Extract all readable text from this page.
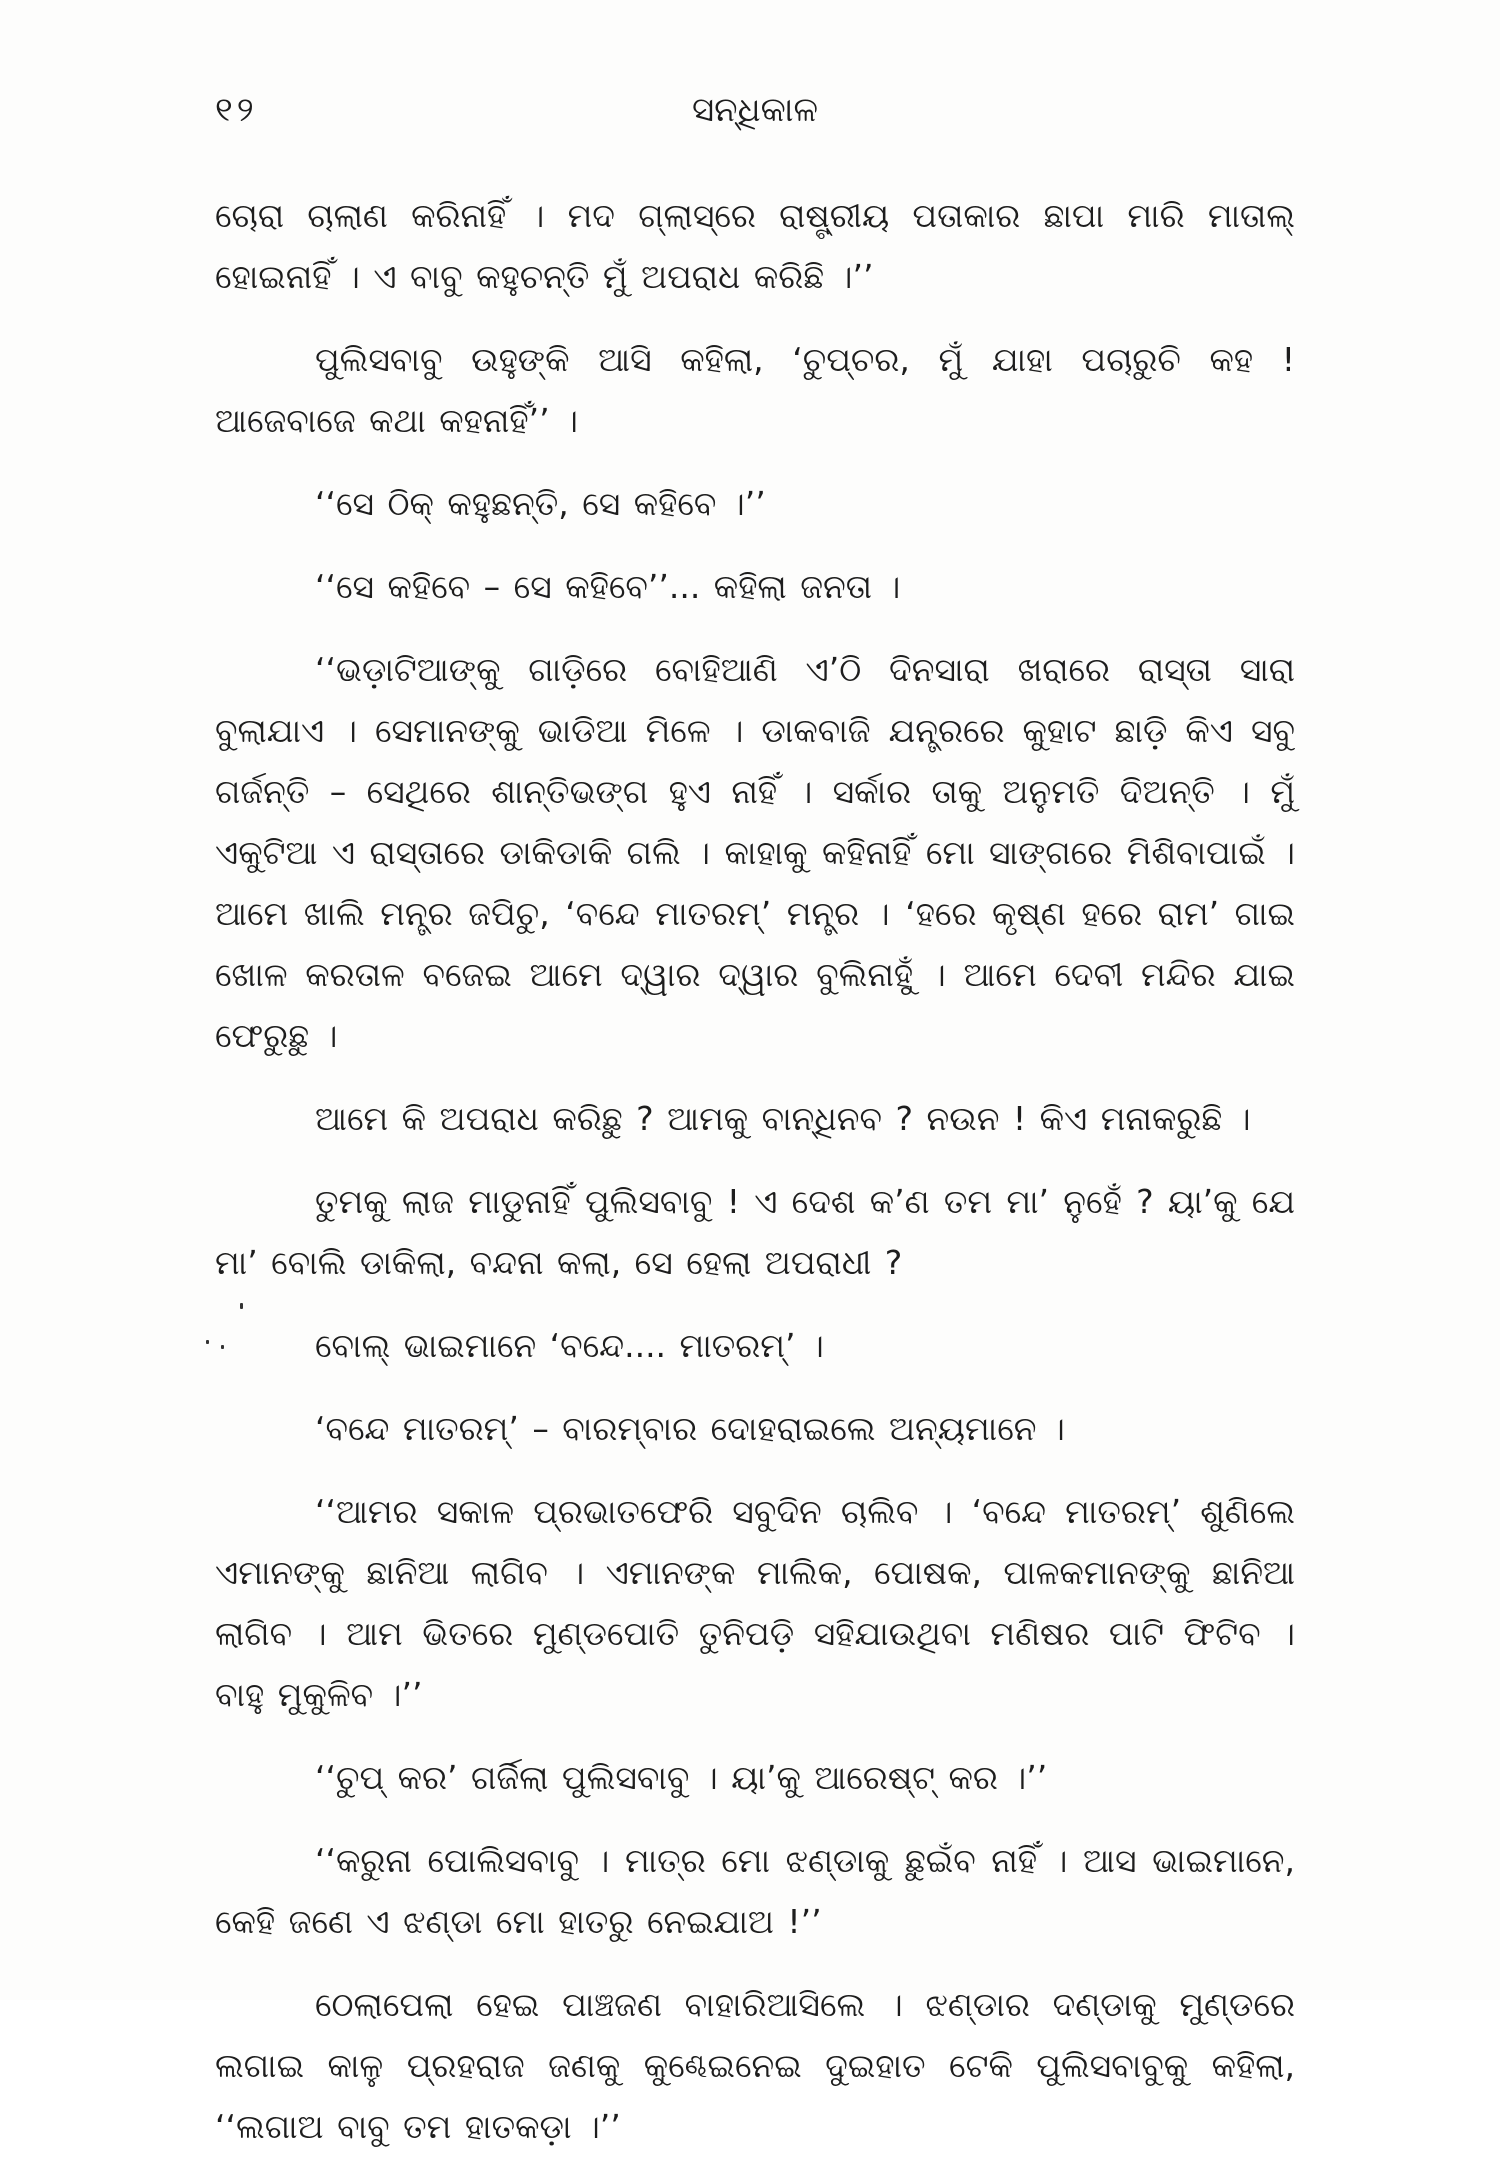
୧୨	ସନ୍ଧିକାଳ

ଚୋରା ଚାଲାଣ କରିନାହିଁ । ମଦ ଗ୍ଲାସ୍‌ରେ ରାଷ୍ଟ୍ରୀୟ ପତାକାର ଛାପା ମାରି ମାତାଲ୍ ହୋଇନାହିଁ । ଏ ବାବୁ କହୁଚନ୍ତି ମୁଁ ଅପରାଧ କରିଛି ।’’

ପୁଲିସବାବୁ ଉହୁଙ୍କି ଆସି କହିଲା, ‘ଚୁପ୍‌ଚର, ମୁଁ ଯାହା ପଚାରୁଚି କହ ! ଆଜେବାଜେ କଥା କହନାହିଁ’’ ।

‘‘ସେ ଠିକ୍ କହୁଛନ୍ତି, ସେ କହିବେ ।’’

‘‘ସେ କହିବେ – ସେ କହିବେ’’... କହିଲା ଜନତା ।

‘‘ଭଡ଼ାଟିଆଙ୍କୁ ଗାଡ଼ିରେ ବୋହିଆଣି ଏ’ଠି ଦିନସାରା ଖରାରେ ରାସ୍ତା ସାରା ବୁଲାଯାଏ । ସେମାନଙ୍କୁ ଭାଡିଆ ମିଳେ । ଡାକବାଜି ଯନ୍ତ୍ରରେ କୁହାଟ ଛାଡ଼ି କିଏ ସବୁ ଗର୍ଜନ୍ତି – ସେଥିରେ ଶାନ୍ତିଭଙ୍ଗ ହୁଏ ନାହିଁ । ସର୍କାର ତାକୁ ଅନୁମତି ଦିଅନ୍ତି । ମୁଁ ଏକୁଟିଆ ଏ ରାସ୍ତାରେ ଡାକିଡାକି ଗଲି । କାହାକୁ କହିନାହିଁ ମୋ ସାଙ୍ଗରେ ମିଶିବାପାଇଁ । ଆମେ ଖାଲି ମନ୍ତ୍ର ଜପିଚୁ, ‘ବନ୍ଦେ ମାତରମ୍’ ମନ୍ତ୍ର । ‘ହରେ କୃଷ୍ଣ ହରେ ରାମ’ ଗାଇ ଖୋଳ କରତାଳ ବଜେଇ ଆମେ ଦ୍ୱାର ଦ୍ୱାର ବୁଲିନାହୁଁ । ଆମେ ଦେବୀ ମନ୍ଦିର ଯାଇ ଫେରୁଛୁ ।

ଆମେ କି ଅପରାଧ କରିଛୁ ? ଆମକୁ ବାନ୍ଧିନବ ? ନଉନ ! କିଏ ମନାକରୁଛି ।

ତୁମକୁ ଲାଜ ମାଡୁନାହିଁ ପୁଲିସବାବୁ ! ଏ ଦେଶ କ’ଣ ତମ ମା’ ନୁହେଁ ? ୟା’କୁ ଯେ ମା’ ବୋଲି ଡାକିଲା, ବନ୍ଦନା କଲା, ସେ ହେଲା ଅପରାଧୀ ?

ବୋଲ୍ ଭାଇମାନେ ‘ବନ୍ଦେ.... ମାତରମ୍’ ।

‘ବନ୍ଦେ ମାତରମ୍’ – ବାରମ୍ବାର ଦୋହରାଇଲେ ଅନ୍ୟମାନେ ।

‘‘ଆମର ସକାଳ ପ୍ରଭାତଫେରି ସବୁଦିନ ଚାଲିବ । ‘ବନ୍ଦେ ମାତରମ୍’ ଶୁଣିଲେ ଏମାନଙ୍କୁ ଛାନିଆ ଲାଗିବ । ଏମାନଙ୍କ ମାଲିକ, ପୋଷକ, ପାଳକମାନଙ୍କୁ ଛାନିଆ ଲାଗିବ । ଆମ ଭିତରେ ମୁଣ୍ଡପୋତି ତୁନିପଡ଼ି ସହିଯାଉଥିବା ମଣିଷର ପାଟି ଫିଟିବ । ବାହୁ ମୁକୁଳିବ ।’’

‘‘ଚୁପ୍ କର’ ଗର୍ଜିଲା ପୁଲିସବାବୁ । ୟା’କୁ ଆରେଷ୍ଟ୍ କର ।’’

‘‘କରୁନା ପୋଲିସବାବୁ । ମାତ୍ର ମୋ ଝଣ୍ଡାକୁ ଛୁଇଁବ ନାହିଁ । ଆସ ଭାଇମାନେ, କେହି ଜଣେ ଏ ଝଣ୍ଡା ମୋ ହାତରୁ ନେଇଯାଅ !’’

ଠେଲାପେଲା ହେଇ ପାଞ୍ଚଜଣ ବାହାରିଆସିଲେ । ଝଣ୍ଡାର ଦଣ୍ଡାକୁ ମୁଣ୍ଡରେ ଲଗାଇ କାଳୁ ପ୍ରହରାଜ ଜଣକୁ କୁଣ୍ଢେଇନେଇ ଦୁଇହାତ ଟେକି ପୁଲିସବାବୁକୁ କହିଲା, ‘‘ଲଗାଅ ବାବୁ ତମ ହାତକଡ଼ା ।’’
